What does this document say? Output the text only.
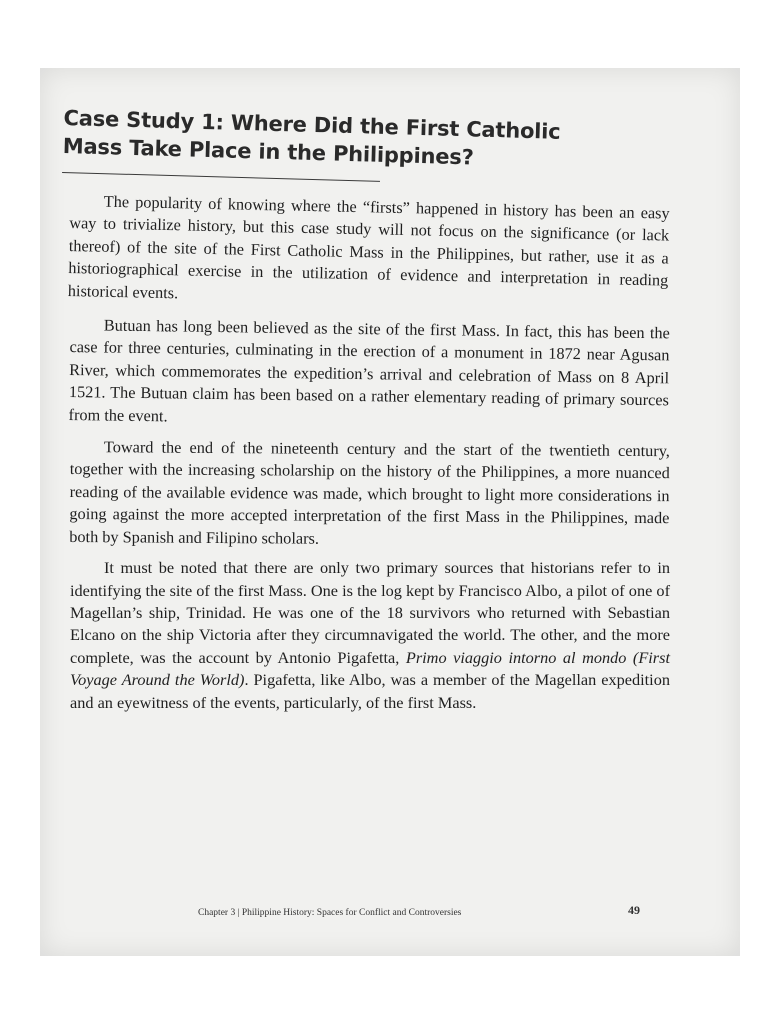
Case Study 1: Where Did the First Catholic Mass Take Place in the Philippines?

The popularity of knowing where the “firsts” happened in history has been an easy way to trivialize history, but this case study will not focus on the significance (or lack thereof) of the site of the First Catholic Mass in the Philippines, but rather, use it as a historiographical exercise in the utilization of evidence and interpretation in reading historical events.

Butuan has long been believed as the site of the first Mass. In fact, this has been the case for three centuries, culminating in the erection of a monument in 1872 near Agusan River, which commemorates the expedition’s arrival and celebration of Mass on 8 April 1521. The Butuan claim has been based on a rather elementary reading of primary sources from the event.

Toward the end of the nineteenth century and the start of the twentieth century, together with the increasing scholarship on the history of the Philippines, a more nuanced reading of the available evidence was made, which brought to light more considerations in going against the more accepted interpretation of the first Mass in the Philippines, made both by Spanish and Filipino scholars.

It must be noted that there are only two primary sources that historians refer to in identifying the site of the first Mass. One is the log kept by Francisco Albo, a pilot of one of Magellan’s ship, Trinidad. He was one of the 18 survivors who returned with Sebastian Elcano on the ship Victoria after they circumnavigated the world. The other, and the more complete, was the account by Antonio Pigafetta, Primo viaggio intorno al mondo (First Voyage Around the World). Pigafetta, like Albo, was a member of the Magellan expedition and an eyewitness of the events, particularly, of the first Mass.

Chapter 3 | Philippine History: Spaces for Conflict and Controversies	49
